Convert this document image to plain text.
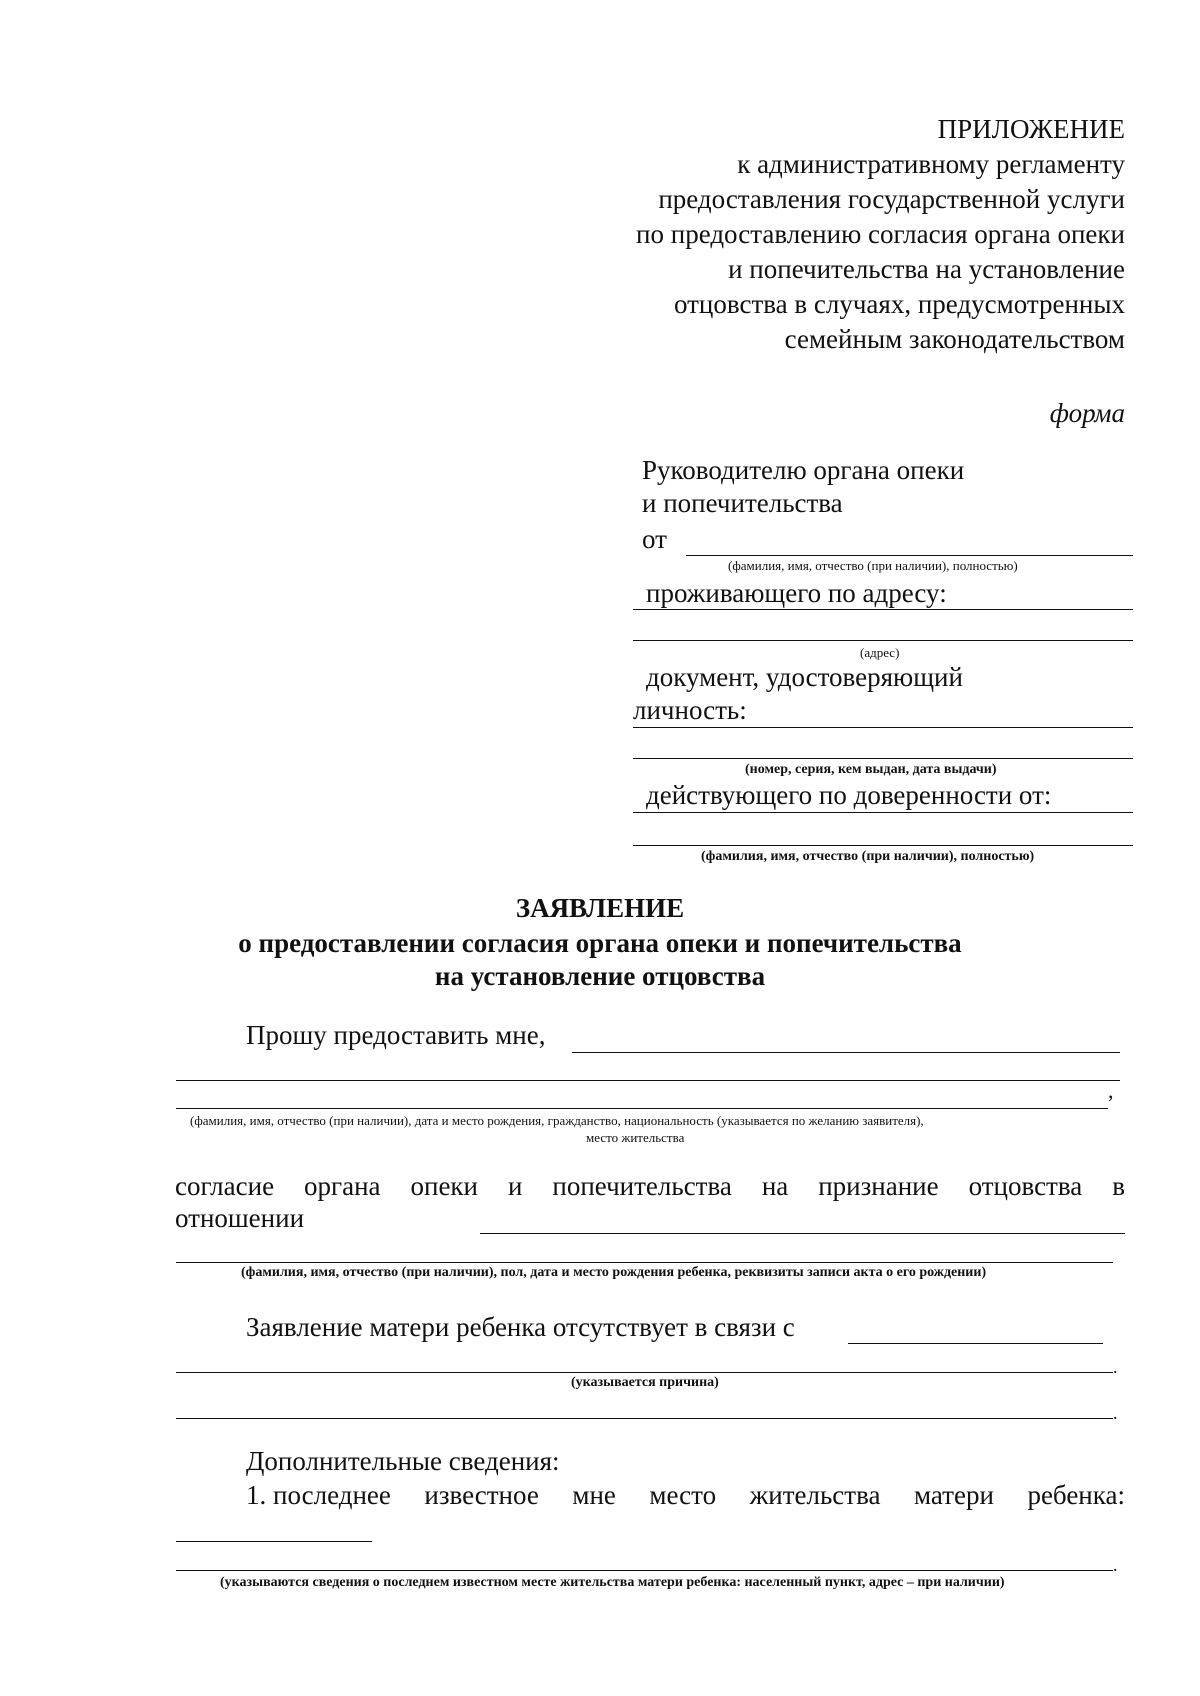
ПРИЛОЖЕНИЕ
к административному регламенту
предоставления государственной услуги
по предоставлению согласия органа опеки
и попечительства на установление
отцовства в случаях, предусмотренных
семейным законодательством
форма
Руководителю органа опеки
и попечительства
от
(фамилия, имя, отчество (при наличии), полностью)
проживающего по адресу:
(адрес)
документ, удостоверяющий
личность:
(номер, серия, кем выдан, дата выдачи)
действующего по доверенности от:
(фамилия, имя, отчество (при наличии), полностью)
ЗАЯВЛЕНИЕ
о предоставлении согласия органа опеки и попечительства
на установление отцовства
Прошу предоставить мне,
,
(фамилия, имя, отчество (при наличии), дата и место рождения, гражданство, национальность (указывается по желанию заявителя),
место жительства
согласие органа опеки и попечительства на признание отцовства в
отношении
(фамилия, имя, отчество (при наличии), пол, дата и место рождения ребенка, реквизиты записи акта о его рождении)
Заявление матери ребенка отсутствует в связи с
.
(указывается причина)
.
Дополнительные сведения:
1. последнее известное мне место жительства матери ребенка:
.
(указываются сведения о последнем известном месте жительства матери ребенка: населенный пункт, адрес – при наличии)
